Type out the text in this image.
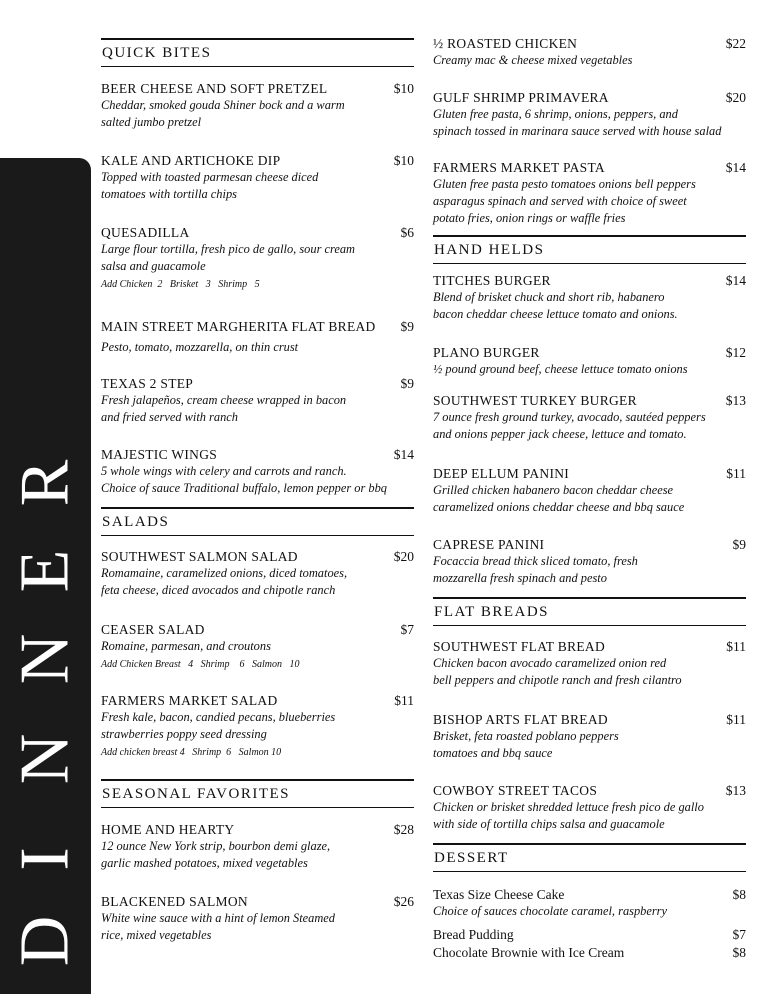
D
I
N
N
E
R
QUICK BITES
BEER CHEESE AND SOFT PRETZEL	$10
Cheddar, smoked gouda Shiner bock and a warm
salted jumbo pretzel
KALE AND ARTICHOKE DIP	$10
Topped with toasted parmesan cheese diced
tomatoes with tortilla chips
QUESADILLA	$6
Large flour tortilla, fresh pico de gallo, sour cream
salsa and guacamole
Add Chicken  2   Brisket   3   Shrimp   5
MAIN STREET MARGHERITA FLAT BREAD	$9
Pesto, tomato, mozzarella, on thin crust
TEXAS 2 STEP	$9
Fresh jalapeños, cream cheese wrapped in bacon
and fried served with ranch
MAJESTIC WINGS	$14
5 whole wings with celery and carrots and ranch.
Choice of sauce Traditional buffalo, lemon pepper or bbq
SALADS
SOUTHWEST SALMON SALAD	$20
Romamaine, caramelized onions, diced tomatoes,
feta cheese, diced avocados and chipotle ranch
CEASER SALAD	$7
Romaine, parmesan, and croutons
Add Chicken Breast   4   Shrimp    6   Salmon   10
FARMERS MARKET SALAD	$11
Fresh kale, bacon, candied pecans, blueberries
strawberries poppy seed dressing
Add chicken breast 4   Shrimp  6   Salmon 10
SEASONAL FAVORITES
HOME AND HEARTY	$28
12 ounce New York strip, bourbon demi glaze,
garlic mashed potatoes, mixed vegetables
BLACKENED SALMON	$26
White wine sauce with a hint of lemon Steamed
rice, mixed vegetables
½ ROASTED CHICKEN	$22
Creamy mac & cheese mixed vegetables
GULF SHRIMP PRIMAVERA	$20
Gluten free pasta, 6 shrimp, onions, peppers, and
spinach tossed in marinara sauce served with house salad
FARMERS MARKET PASTA	$14
Gluten free pasta pesto tomatoes onions bell peppers
asparagus spinach and served with choice of sweet
potato fries, onion rings or waffle fries
HAND HELDS
TITCHES BURGER	$14
Blend of brisket chuck and short rib, habanero
bacon cheddar cheese lettuce tomato and onions.
PLANO BURGER	$12
½ pound ground beef, cheese lettuce tomato onions
SOUTHWEST TURKEY BURGER	$13
7 ounce fresh ground turkey, avocado, sautéed peppers
and onions pepper jack cheese, lettuce and tomato.
DEEP ELLUM PANINI	$11
Grilled chicken habanero bacon cheddar cheese
caramelized onions cheddar cheese and bbq sauce
CAPRESE PANINI	$9
Focaccia bread thick sliced tomato, fresh
mozzarella fresh spinach and pesto
FLAT BREADS
SOUTHWEST FLAT BREAD	$11
Chicken bacon avocado caramelized onion red
bell peppers and chipotle ranch and fresh cilantro
BISHOP ARTS FLAT BREAD	$11
Brisket, feta roasted poblano peppers
tomatoes and bbq sauce
COWBOY STREET TACOS	$13
Chicken or brisket shredded lettuce fresh pico de gallo
with side of tortilla chips salsa and guacamole
DESSERT
Texas Size Cheese Cake	$8
Choice of sauces chocolate caramel, raspberry
Bread Pudding	$7
Chocolate Brownie with Ice Cream	$8
